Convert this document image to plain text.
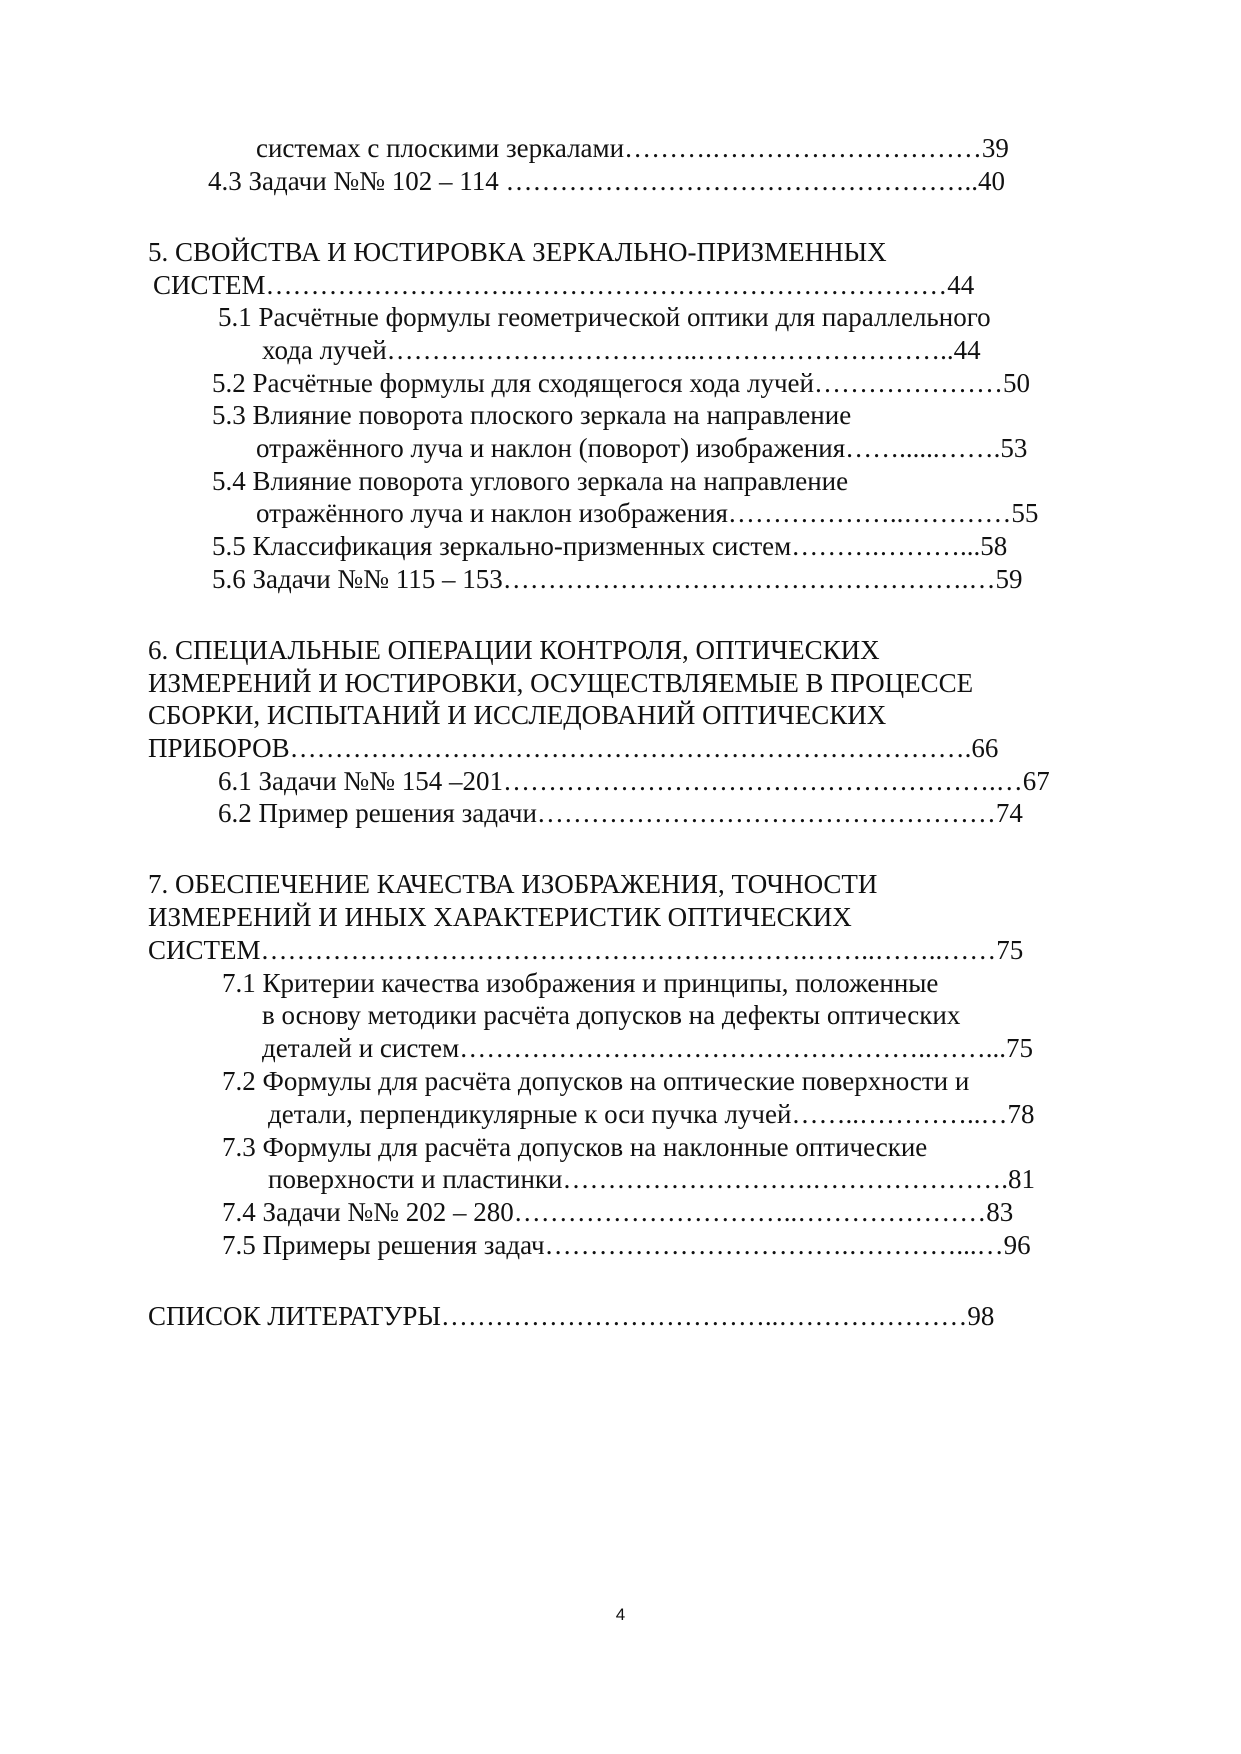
системах с плоскими зеркалами……….…………………………39
4.3 Задачи №№ 102 – 114 ……………………………………………..40
5. СВОЙСТВА И ЮСТИРОВКА ЗЕРКАЛЬНО-ПРИЗМЕННЫХ
СИСТЕМ……………………….…………………………………………44
5.1 Расчётные формулы геометрической оптики для параллельного
хода лучей……………………………..………………………..44
5.2 Расчётные формулы для сходящегося хода лучей…………………50
5.3 Влияние поворота плоского зеркала на направление
отражённого луча и наклон (поворот) изображения……......…….53
5.4 Влияние поворота углового зеркала на направление
отражённого луча и наклон изображения………………..…………55
5.5 Классификация зеркально-призменных систем……….………...58
5.6 Задачи №№ 115 – 153…………………………………………….…59
6. СПЕЦИАЛЬНЫЕ ОПЕРАЦИИ КОНТРОЛЯ, ОПТИЧЕСКИХ
ИЗМЕРЕНИЙ И ЮСТИРОВКИ, ОСУЩЕСТВЛЯЕМЫЕ В ПРОЦЕССЕ
СБОРКИ, ИСПЫТАНИЙ И ИССЛЕДОВАНИЙ ОПТИЧЕСКИХ
ПРИБОРОВ………………………………………………………………….66
6.1 Задачи №№ 154 –201……………………………………………….…67
6.2 Пример решения задачи……………………………………………74
7. ОБЕСПЕЧЕНИЕ КАЧЕСТВА ИЗОБРАЖЕНИЯ, ТОЧНОСТИ
ИЗМЕРЕНИЙ И ИНЫХ ХАРАКТЕРИСТИК ОПТИЧЕСКИХ
СИСТЕМ…………………………………………………….……..……..……75
7.1 Критерии качества изображения и принципы, положенные
в основу методики расчёта допусков на дефекты оптических
деталей и систем……………………………………………..……...75
7.2 Формулы для расчёта допусков на оптические поверхности и
детали, перпендикулярные к оси пучка лучей……..…………..…78
7.3 Формулы для расчёта допусков на наклонные оптические
поверхности и пластинки……………………….………………….81
7.4 Задачи №№ 202 – 280…………………………..…………………83
7.5 Примеры решения задач…………………………….…………...…96
СПИСОК ЛИТЕРАТУРЫ………………………………..…………………98
4
